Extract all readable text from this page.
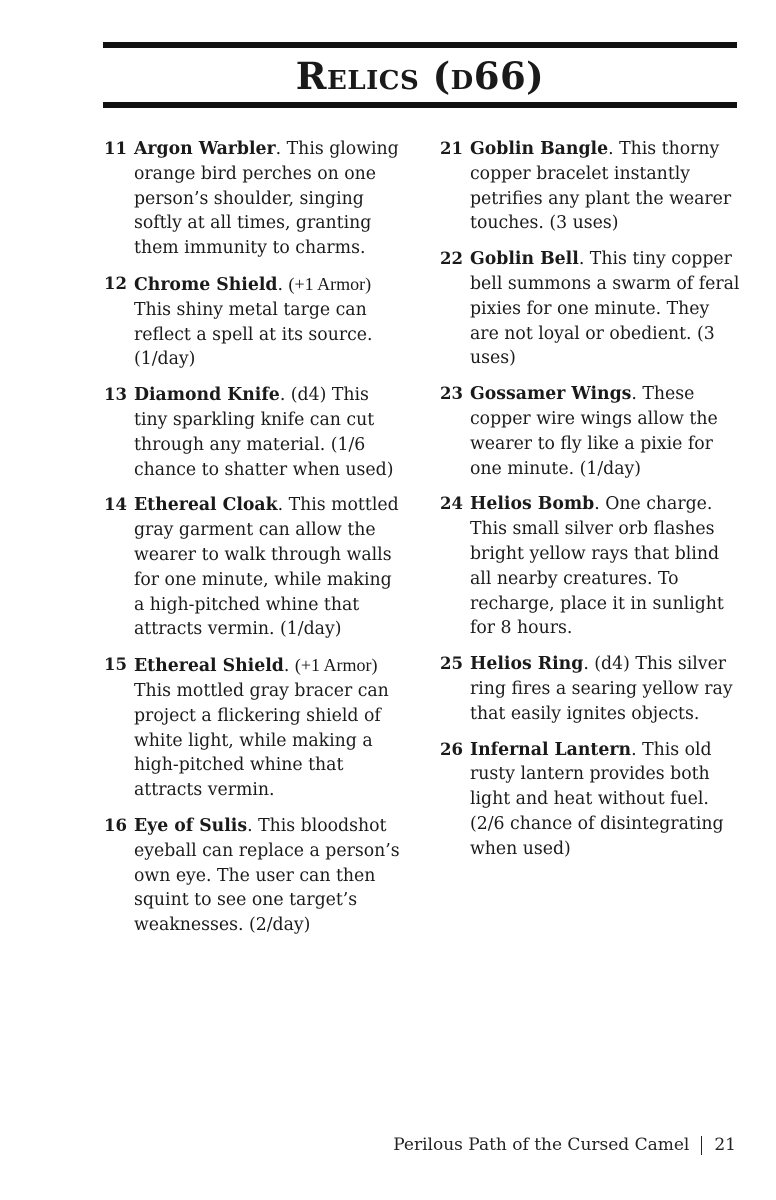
Relics (d66)
11 Argon Warbler. This glowing orange bird perches on one person’s shoulder, singing softly at all times, granting them immunity to charms.
12 Chrome Shield. (+1 Armor) This shiny metal targe can reflect a spell at its source. (1/day)
13 Diamond Knife. (d4) This tiny sparkling knife can cut through any material. (1/6 chance to shatter when used)
14 Ethereal Cloak. This mottled gray garment can allow the wearer to walk through walls for one minute, while making a high-pitched whine that attracts vermin. (1/day)
15 Ethereal Shield. (+1 Armor) This mottled gray bracer can project a flickering shield of white light, while making a high-pitched whine that attracts vermin.
16 Eye of Sulis. This bloodshot eyeball can replace a person’s own eye. The user can then squint to see one target’s weaknesses. (2/day)
21 Goblin Bangle. This thorny copper bracelet instantly petrifies any plant the wearer touches. (3 uses)
22 Goblin Bell. This tiny copper bell summons a swarm of feral pixies for one minute. They are not loyal or obedient. (3 uses)
23 Gossamer Wings. These copper wire wings allow the wearer to fly like a pixie for one minute. (1/day)
24 Helios Bomb. One charge. This small silver orb flashes bright yellow rays that blind all nearby creatures. To recharge, place it in sunlight for 8 hours.
25 Helios Ring. (d4) This silver ring fires a searing yellow ray that easily ignites objects.
26 Infernal Lantern. This old rusty lantern provides both light and heat without fuel. (2/6 chance of disintegrating when used)
Perilous Path of the Cursed Camel 21
